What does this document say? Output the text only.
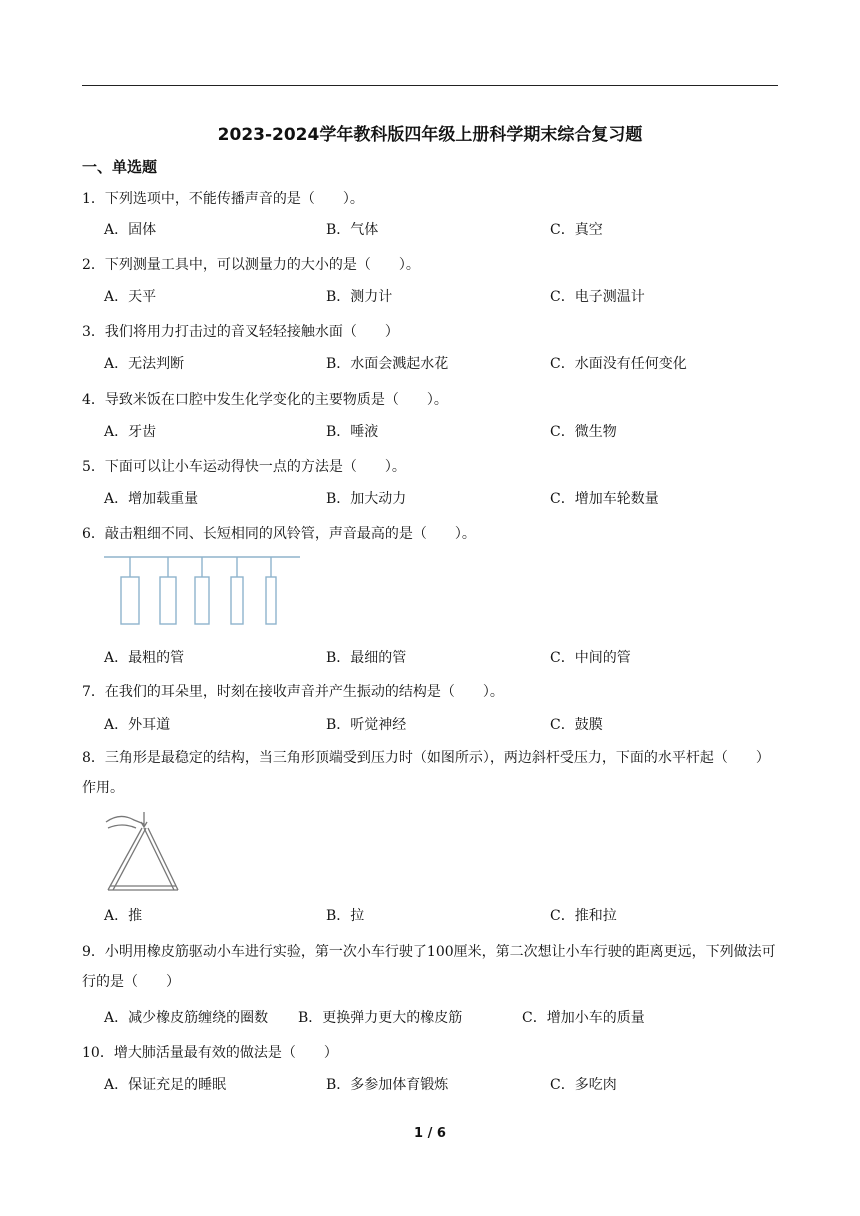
2023-2024学年教科版四年级上册科学期末综合复习题
一、单选题
1．下列选项中，不能传播声音的是（　　）。
A．固体	B．气体	C．真空
2．下列测量工具中，可以测量力的大小的是（　　）。
A．天平	B．测力计	C．电子测温计
3．我们将用力打击过的音叉轻轻接触水面（　　）
A．无法判断	B．水面会溅起水花	C．水面没有任何变化
4．导致米饭在口腔中发生化学变化的主要物质是（　　）。
A．牙齿	B．唾液	C．微生物
5．下面可以让小车运动得快一点的方法是（　　）。
A．增加载重量	B．加大动力	C．增加车轮数量
6．敲击粗细不同、长短相同的风铃管，声音最高的是（　　）。
A．最粗的管	B．最细的管	C．中间的管
7．在我们的耳朵里，时刻在接收声音并产生振动的结构是（　　）。
A．外耳道	B．听觉神经	C．鼓膜
8．三角形是最稳定的结构，当三角形顶端受到压力时（如图所示），两边斜杆受压力，下面的水平杆起（　　）作用。
A．推	B．拉	C．推和拉
9．小明用橡皮筋驱动小车进行实验，第一次小车行驶了100厘米，第二次想让小车行驶的距离更远，下列做法可行的是（　　）
A．减少橡皮筋缠绕的圈数 B．更换弹力更大的橡皮筋	C．增加小车的质量
10．增大肺活量最有效的做法是（　　）
A．保证充足的睡眠	B．多参加体育锻炼	C．多吃肉
1 / 6
